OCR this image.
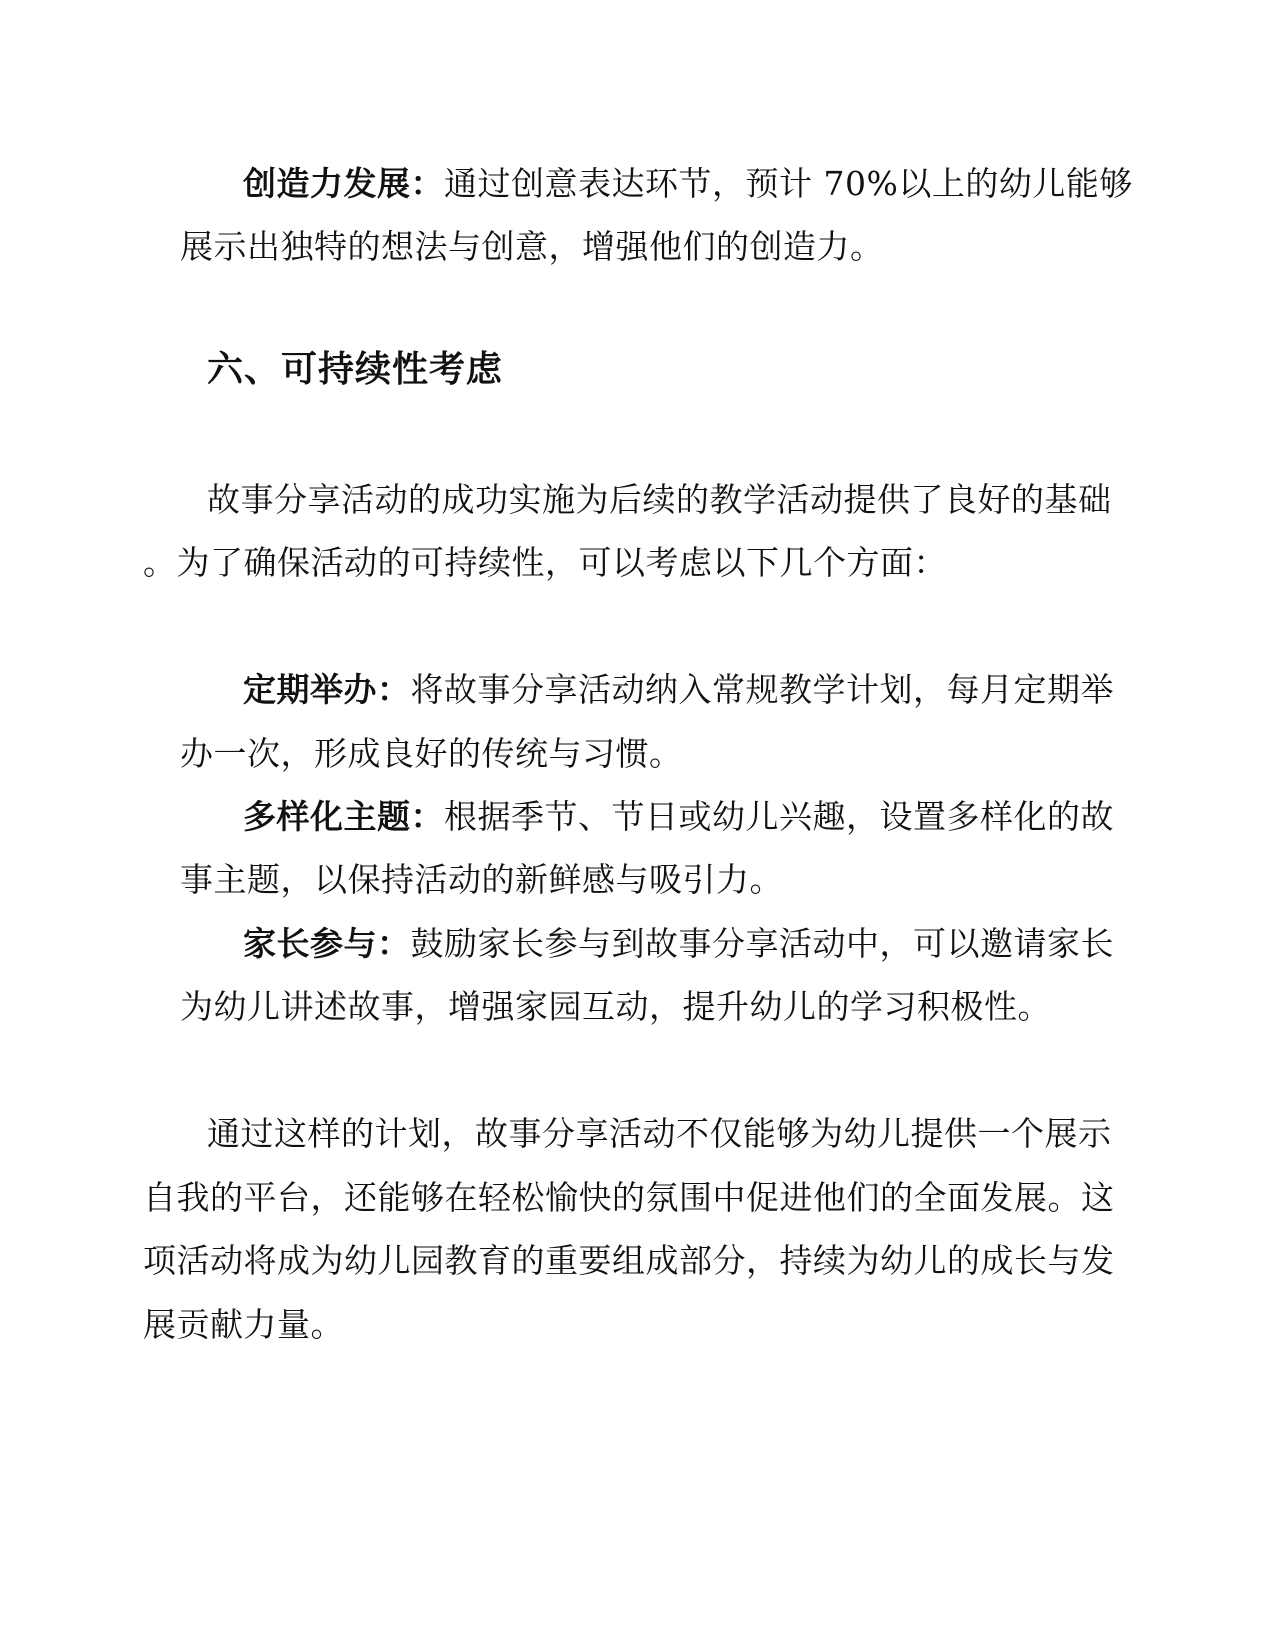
创造力发展：通过创意表达环节，预计 70%以上的幼儿能够
展示出独特的想法与创意，增强他们的创造力。
六、可持续性考虑
故事分享活动的成功实施为后续的教学活动提供了良好的基础
。为了确保活动的可持续性，可以考虑以下几个方面：
定期举办：将故事分享活动纳入常规教学计划，每月定期举
办一次，形成良好的传统与习惯。
多样化主题：根据季节、节日或幼儿兴趣，设置多样化的故
事主题，以保持活动的新鲜感与吸引力。
家长参与：鼓励家长参与到故事分享活动中，可以邀请家长
为幼儿讲述故事，增强家园互动，提升幼儿的学习积极性。
通过这样的计划，故事分享活动不仅能够为幼儿提供一个展示
自我的平台，还能够在轻松愉快的氛围中促进他们的全面发展。这
项活动将成为幼儿园教育的重要组成部分，持续为幼儿的成长与发
展贡献力量。
